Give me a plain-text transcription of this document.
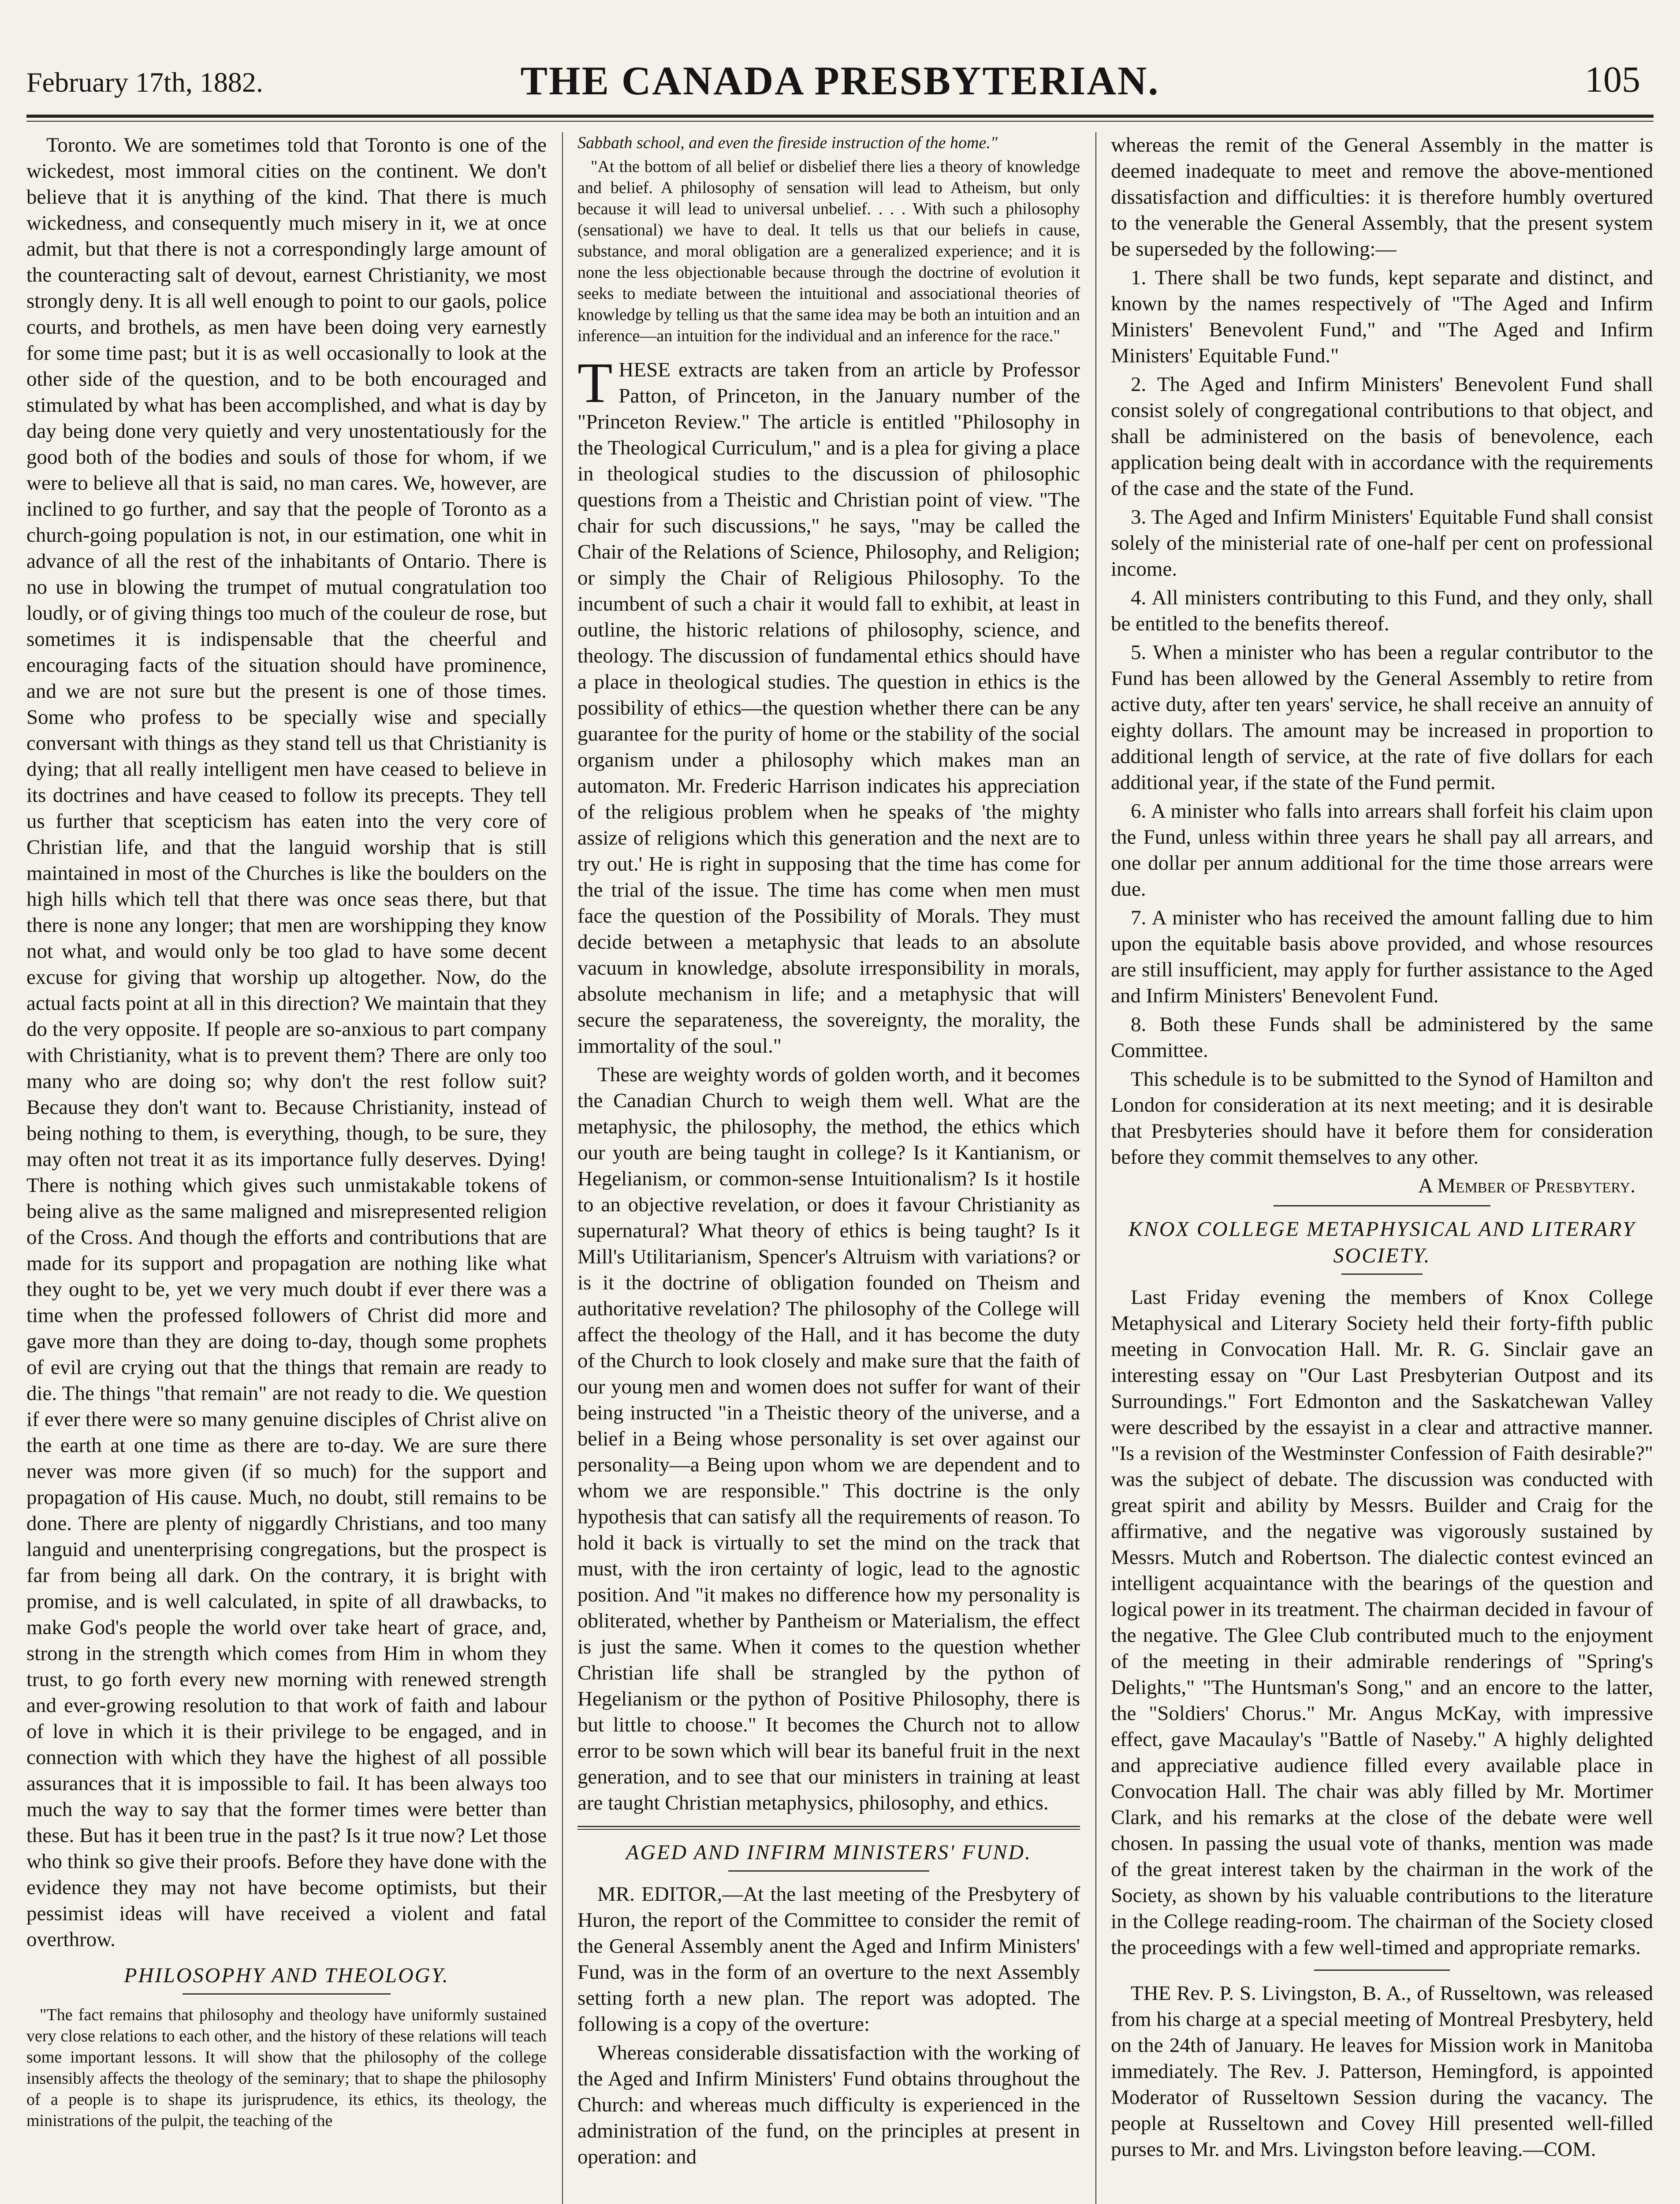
February 17th, 1882.	THE CANADA PRESBYTERIAN.	105

Toronto. We are sometimes told that Toronto is one of the wickedest, most immoral cities on the continent. We don't believe that it is anything of the kind. That there is much wickedness, and consequently much misery in it, we at once admit, but that there is not a correspondingly large amount of the counteracting salt of devout, earnest Christianity, we most strongly deny. It is all well enough to point to our gaols, police courts, and brothels, as men have been doing very earnestly for some time past; but it is as well occasionally to look at the other side of the question, and to be both encouraged and stimulated by what has been accomplished, and what is day by day being done very quietly and very unostentatiously for the good both of the bodies and souls of those for whom, if we were to believe all that is said, no man cares. We, however, are inclined to go further, and say that the people of Toronto as a church-going population is not, in our estimation, one whit in advance of all the rest of the inhabitants of Ontario. There is no use in blowing the trumpet of mutual congratulation too loudly, or of giving things too much of the couleur de rose, but sometimes it is indispensable that the cheerful and encouraging facts of the situation should have prominence, and we are not sure but the present is one of those times. Some who profess to be specially wise and specially conversant with things as they stand tell us that Christianity is dying; that all really intelligent men have ceased to believe in its doctrines and have ceased to follow its precepts. They tell us further that scepticism has eaten into the very core of Christian life, and that the languid worship that is still maintained in most of the Churches is like the boulders on the high hills which tell that there was once seas there, but that there is none any longer; that men are worshipping they know not what, and would only be too glad to have some decent excuse for giving that worship up altogether. Now, do the actual facts point at all in this direction? We maintain that they do the very opposite. If people are so-anxious to part company with Christianity, what is to prevent them? There are only too many who are doing so; why don't the rest follow suit? Because they don't want to. Because Christianity, instead of being nothing to them, is everything, though, to be sure, they may often not treat it as its importance fully deserves. Dying! There is nothing which gives such unmistakable tokens of being alive as the same maligned and misrepresented religion of the Cross. And though the efforts and contributions that are made for its support and propagation are nothing like what they ought to be, yet we very much doubt if ever there was a time when the professed followers of Christ did more and gave more than they are doing to-day, though some prophets of evil are crying out that the things that remain are ready to die. The things "that remain" are not ready to die. We question if ever there were so many genuine disciples of Christ alive on the earth at one time as there are to-day. We are sure there never was more given (if so much) for the support and propagation of His cause. Much, no doubt, still remains to be done. There are plenty of niggardly Christians, and too many languid and unenterprising congregations, but the prospect is far from being all dark. On the contrary, it is bright with promise, and is well calculated, in spite of all drawbacks, to make God's people the world over take heart of grace, and, strong in the strength which comes from Him in whom they trust, to go forth every new morning with renewed strength and ever-growing resolution to that work of faith and labour of love in which it is their privilege to be engaged, and in connection with which they have the highest of all possible assurances that it is impossible to fail. It has been always too much the way to say that the former times were better than these. But has it been true in the past? Is it true now? Let those who think so give their proofs. Before they have done with the evidence they may not have become optimists, but their pessimist ideas will have received a violent and fatal overthrow.

PHILOSOPHY AND THEOLOGY.

"The fact remains that philosophy and theology have uniformly sustained very close relations to each other, and the history of these relations will teach some important lessons. It will show that the philosophy of the college insensibly affects the theology of the seminary; that to shape the philosophy of a people is to shape its jurisprudence, its ethics, its theology, the ministrations of the pulpit, the teaching of the

Sabbath school, and even the fireside instruction of the home."

"At the bottom of all belief or disbelief there lies a theory of knowledge and belief. A philosophy of sensation will lead to Atheism, but only because it will lead to universal unbelief. . . . With such a philosophy (sensational) we have to deal. It tells us that our beliefs in cause, substance, and moral obligation are a generalized experience; and it is none the less objectionable because through the doctrine of evolution it seeks to mediate between the intuitional and associational theories of knowledge by telling us that the same idea may be both an intuition and an inference—an intuition for the individual and an inference for the race."

THESE extracts are taken from an article by Professor Patton, of Princeton, in the January number of the "Princeton Review." The article is entitled "Philosophy in the Theological Curriculum," and is a plea for giving a place in theological studies to the discussion of philosophic questions from a Theistic and Christian point of view. "The chair for such discussions," he says, "may be called the Chair of the Relations of Science, Philosophy, and Religion; or simply the Chair of Religious Philosophy. To the incumbent of such a chair it would fall to exhibit, at least in outline, the historic relations of philosophy, science, and theology. The discussion of fundamental ethics should have a place in theological studies. The question in ethics is the possibility of ethics—the question whether there can be any guarantee for the purity of home or the stability of the social organism under a philosophy which makes man an automaton. Mr. Frederic Harrison indicates his appreciation of the religious problem when he speaks of 'the mighty assize of religions which this generation and the next are to try out.' He is right in supposing that the time has come for the trial of the issue. The time has come when men must face the question of the Possibility of Morals. They must decide between a metaphysic that leads to an absolute vacuum in knowledge, absolute irresponsibility in morals, absolute mechanism in life; and a metaphysic that will secure the separateness, the sovereignty, the morality, the immortality of the soul."

These are weighty words of golden worth, and it becomes the Canadian Church to weigh them well. What are the metaphysic, the philosophy, the method, the ethics which our youth are being taught in college? Is it Kantianism, or Hegelianism, or common-sense Intuitionalism? Is it hostile to an objective revelation, or does it favour Christianity as supernatural? What theory of ethics is being taught? Is it Mill's Utilitarianism, Spencer's Altruism with variations? or is it the doctrine of obligation founded on Theism and authoritative revelation? The philosophy of the College will affect the theology of the Hall, and it has become the duty of the Church to look closely and make sure that the faith of our young men and women does not suffer for want of their being instructed "in a Theistic theory of the universe, and a belief in a Being whose personality is set over against our personality—a Being upon whom we are dependent and to whom we are responsible." This doctrine is the only hypothesis that can satisfy all the requirements of reason. To hold it back is virtually to set the mind on the track that must, with the iron certainty of logic, lead to the agnostic position. And "it makes no difference how my personality is obliterated, whether by Pantheism or Materialism, the effect is just the same. When it comes to the question whether Christian life shall be strangled by the python of Hegelianism or the python of Positive Philosophy, there is but little to choose." It becomes the Church not to allow error to be sown which will bear its baneful fruit in the next generation, and to see that our ministers in training at least are taught Christian metaphysics, philosophy, and ethics.

AGED AND INFIRM MINISTERS' FUND.

MR. EDITOR,—At the last meeting of the Presbytery of Huron, the report of the Committee to consider the remit of the General Assembly anent the Aged and Infirm Ministers' Fund, was in the form of an overture to the next Assembly setting forth a new plan. The report was adopted. The following is a copy of the overture:

Whereas considerable dissatisfaction with the working of the Aged and Infirm Ministers' Fund obtains throughout the Church: and whereas much difficulty is experienced in the administration of the fund, on the principles at present in operation: and

whereas the remit of the General Assembly in the matter is deemed inadequate to meet and remove the above-mentioned dissatisfaction and difficulties: it is therefore humbly overtured to the venerable the General Assembly, that the present system be superseded by the following:—

1. There shall be two funds, kept separate and distinct, and known by the names respectively of "The Aged and Infirm Ministers' Benevolent Fund," and "The Aged and Infirm Ministers' Equitable Fund."

2. The Aged and Infirm Ministers' Benevolent Fund shall consist solely of congregational contributions to that object, and shall be administered on the basis of benevolence, each application being dealt with in accordance with the requirements of the case and the state of the Fund.

3. The Aged and Infirm Ministers' Equitable Fund shall consist solely of the ministerial rate of one-half per cent on professional income.

4. All ministers contributing to this Fund, and they only, shall be entitled to the benefits thereof.

5. When a minister who has been a regular contributor to the Fund has been allowed by the General Assembly to retire from active duty, after ten years' service, he shall receive an annuity of eighty dollars. The amount may be increased in proportion to additional length of service, at the rate of five dollars for each additional year, if the state of the Fund permit.

6. A minister who falls into arrears shall forfeit his claim upon the Fund, unless within three years he shall pay all arrears, and one dollar per annum additional for the time those arrears were due.

7. A minister who has received the amount falling due to him upon the equitable basis above provided, and whose resources are still insufficient, may apply for further assistance to the Aged and Infirm Ministers' Benevolent Fund.

8. Both these Funds shall be administered by the same Committee.

This schedule is to be submitted to the Synod of Hamilton and London for consideration at its next meeting; and it is desirable that Presbyteries should have it before them for consideration before they commit themselves to any other.

A Member of Presbytery.
KNOX COLLEGE METAPHYSICAL AND LITERARY SOCIETY.

Last Friday evening the members of Knox College Metaphysical and Literary Society held their forty-fifth public meeting in Convocation Hall. Mr. R. G. Sinclair gave an interesting essay on "Our Last Presbyterian Outpost and its Surroundings." Fort Edmonton and the Saskatchewan Valley were described by the essayist in a clear and attractive manner. "Is a revision of the Westminster Confession of Faith desirable?" was the subject of debate. The discussion was conducted with great spirit and ability by Messrs. Builder and Craig for the affirmative, and the negative was vigorously sustained by Messrs. Mutch and Robertson. The dialectic contest evinced an intelligent acquaintance with the bearings of the question and logical power in its treatment. The chairman decided in favour of the negative. The Glee Club contributed much to the enjoyment of the meeting in their admirable renderings of "Spring's Delights," "The Huntsman's Song," and an encore to the latter, the "Soldiers' Chorus." Mr. Angus McKay, with impressive effect, gave Macaulay's "Battle of Naseby." A highly delighted and appreciative audience filled every available place in Convocation Hall. The chair was ably filled by Mr. Mortimer Clark, and his remarks at the close of the debate were well chosen. In passing the usual vote of thanks, mention was made of the great interest taken by the chairman in the work of the Society, as shown by his valuable contributions to the literature in the College reading-room. The chairman of the Society closed the proceedings with a few well-timed and appropriate remarks.

THE Rev. P. S. Livingston, B. A., of Russeltown, was released from his charge at a special meeting of Montreal Presbytery, held on the 24th of January. He leaves for Mission work in Manitoba immediately. The Rev. J. Patterson, Hemingford, is appointed Moderator of Russeltown Session during the vacancy. The people at Russeltown and Covey Hill presented well-filled purses to Mr. and Mrs. Livingston before leaving.—COM.
